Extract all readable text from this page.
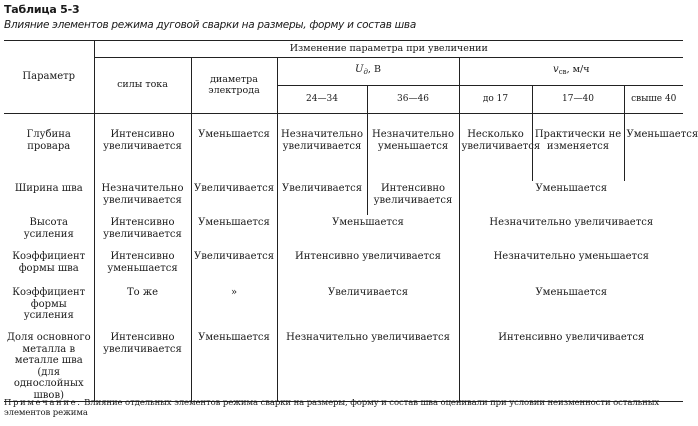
Таблица 5-3
Влияние элементов режима дуговой сварки на размеры, форму и состав шва
Параметр	Изменение параметра при увеличении						
	силы тока	диаметра электрода	$U_д$, В		$v_{св}$, м/ч		
			24—34	36—46	до 17	17—40	свыше 40

Глубина провара	Интенсивно увеличивается	Уменьшается	Незначительно увеличивается	Незначительно уменьшается	Несколько увеличивается	Практически не изменяется	Уменьшается
Ширина шва	Незначительно увеличивается	Увеличивается	Увеличивается	Интенсивно увеличивается	Уменьшается		
Высота усиления	Интенсивно увеличивается	Уменьшается	Уменьшается		Незначительно увеличивается		
Коэффициент формы шва	Интенсивно уменьшается	Увеличивается	Интенсивно увеличивается		Незначительно уменьшается		
Коэффициент формы усиления	То же	»	Увеличивается		Уменьшается		
Доля основного металла в металле шва (для однослойных швов)	Интенсивно увеличивается	Уменьшается	Незначительно увеличивается		Интенсивно увеличивается		
Примечание. Влияние отдельных элементов режима сварки на размеры, форму и состав шва оценивали при условии неизменности остальных элементов режима
